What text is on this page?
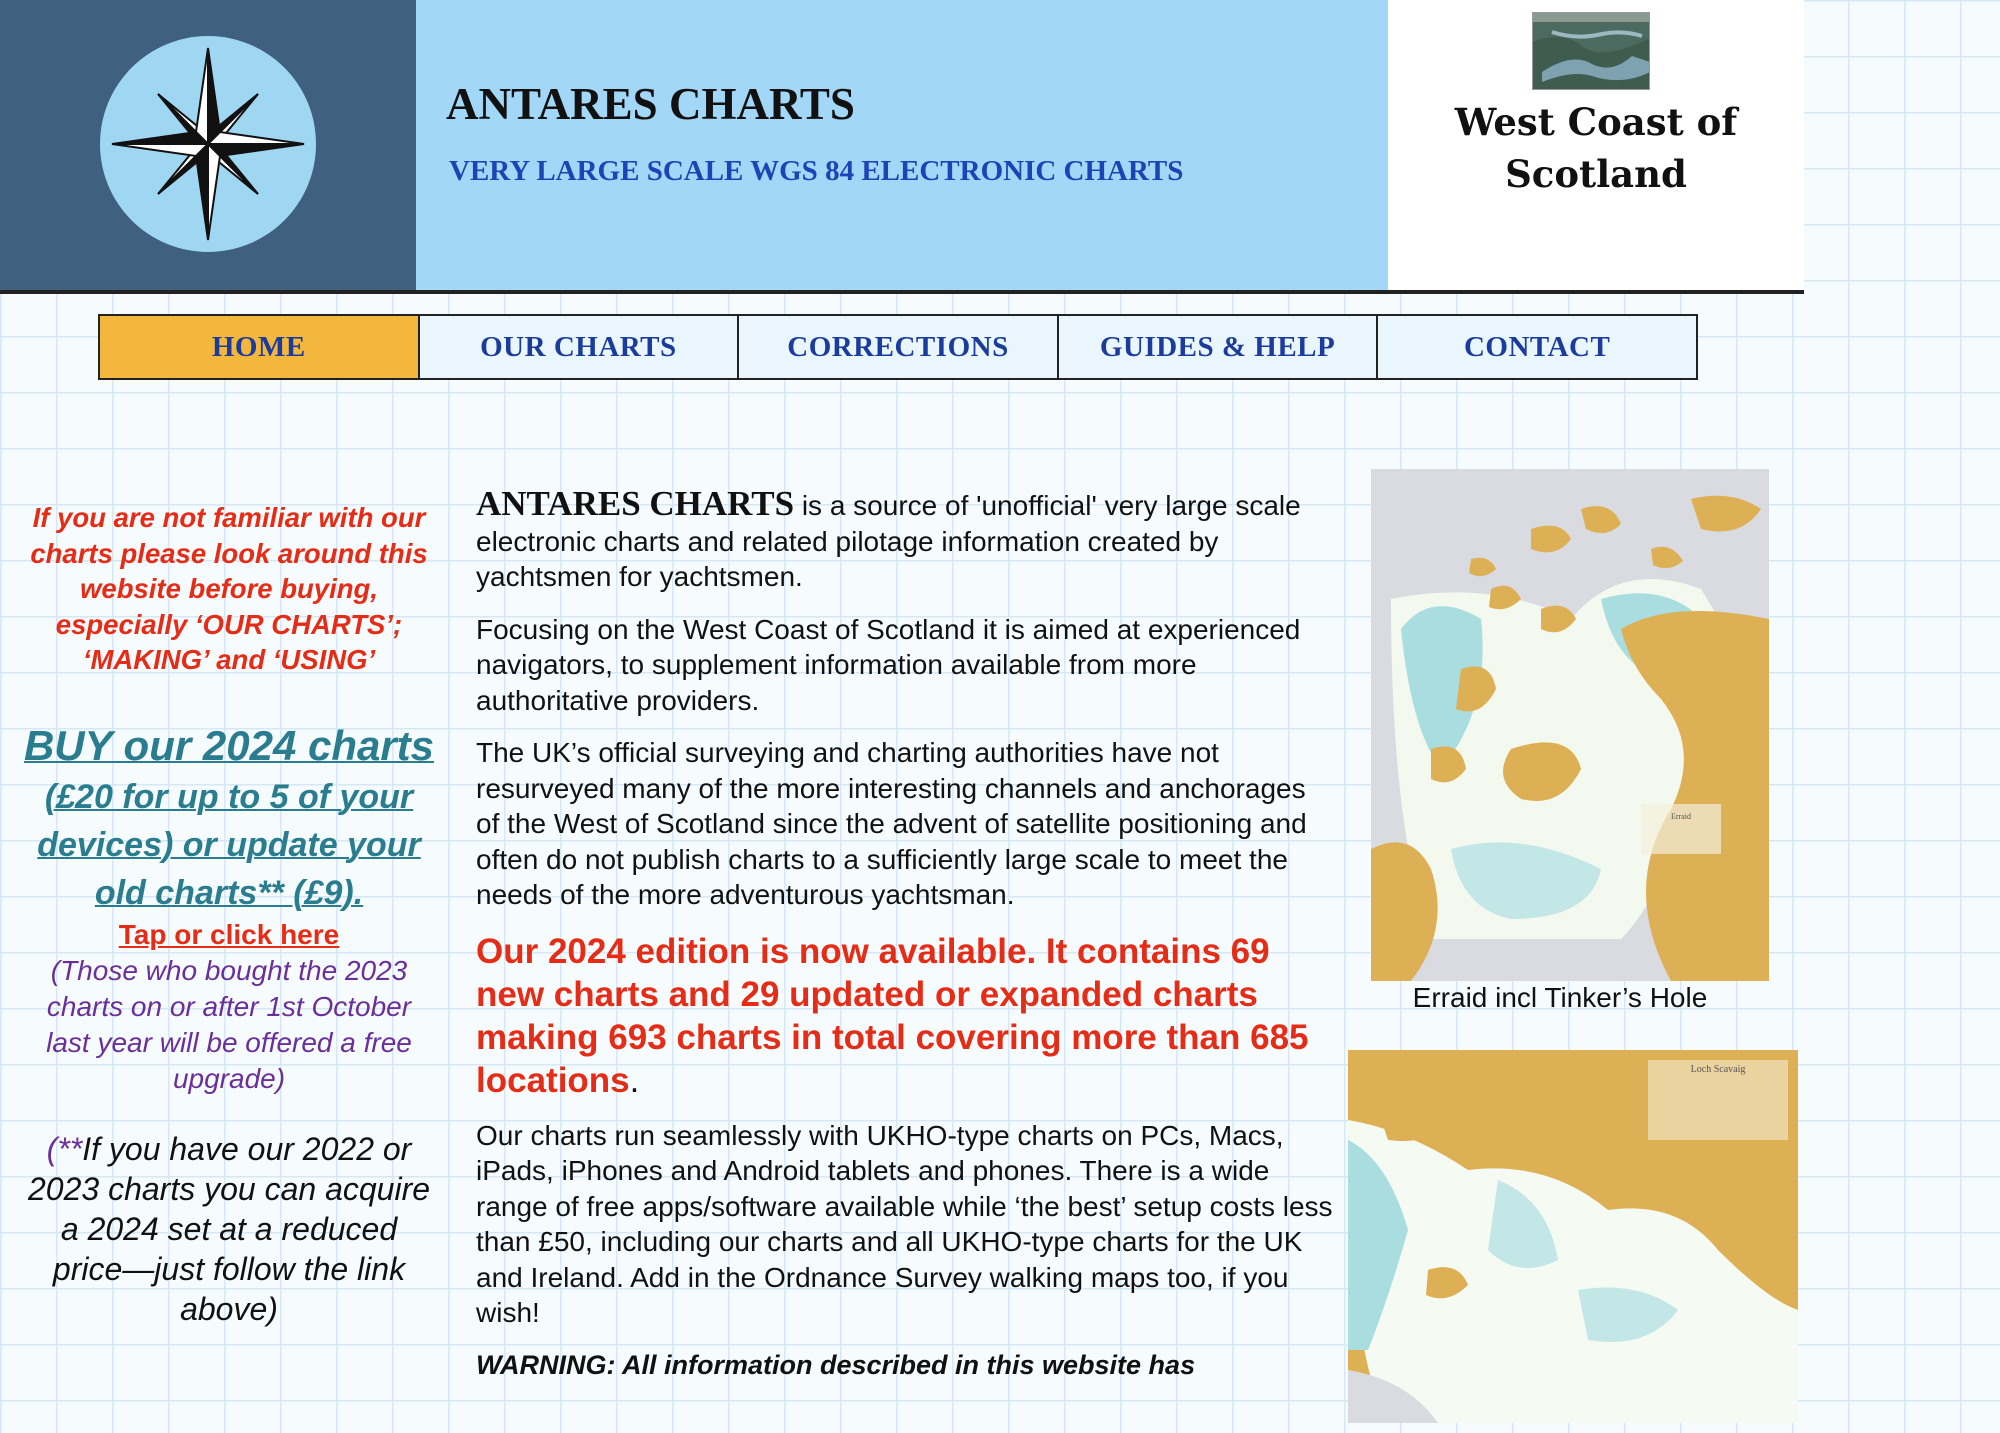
ANTARES CHARTS

VERY LARGE SCALE WGS 84 ELECTRONIC CHARTS

West Coast of
Scotland
HOME	OUR CHARTS	CORRECTIONS	GUIDES & HELP	CONTACT

If you are not familiar with our charts please look around this website before buying, especially ‘OUR CHARTS’; ‘MAKING’ and ‘USING’

BUY our 2024 charts (£20 for up to 5 of your devices) or update your old charts** (£9).
Tap or click here

(Those who bought the 2023 charts on or after 1st October last year will be offered a free upgrade)

(**If you have our 2022 or 2023 charts you can acquire a 2024 set at a reduced price—just follow the link above)

ANTARES CHARTS is a source of 'unofficial' very large scale electronic charts and related pilotage information created by yachtsmen for yachtsmen.

Focusing on the West Coast of Scotland it is aimed at experienced navigators, to supplement information available from more authoritative providers.

The UK’s official surveying and charting authorities have not resurveyed many of the more interesting channels and anchorages of the West of Scotland since the advent of satellite positioning and often do not publish charts to a sufficiently large scale to meet the needs of the more adventurous yachtsman.

Our 2024 edition is now available. It contains 69 new charts and 29 updated or expanded charts making 693 charts in total covering more than 685 locations.

Our charts run seamlessly with UKHO-type charts on PCs, Macs, iPads, iPhones and Android tablets and phones. There is a wide range of free apps/software available while ‘the best’ setup costs less than £50, including our charts and all UKHO-type charts for the UK and Ireland. Add in the Ordnance Survey walking maps too, if you wish!

WARNING: All information described in this website has

Erraid
Erraid incl Tinker’s Hole
Loch Scavaig
